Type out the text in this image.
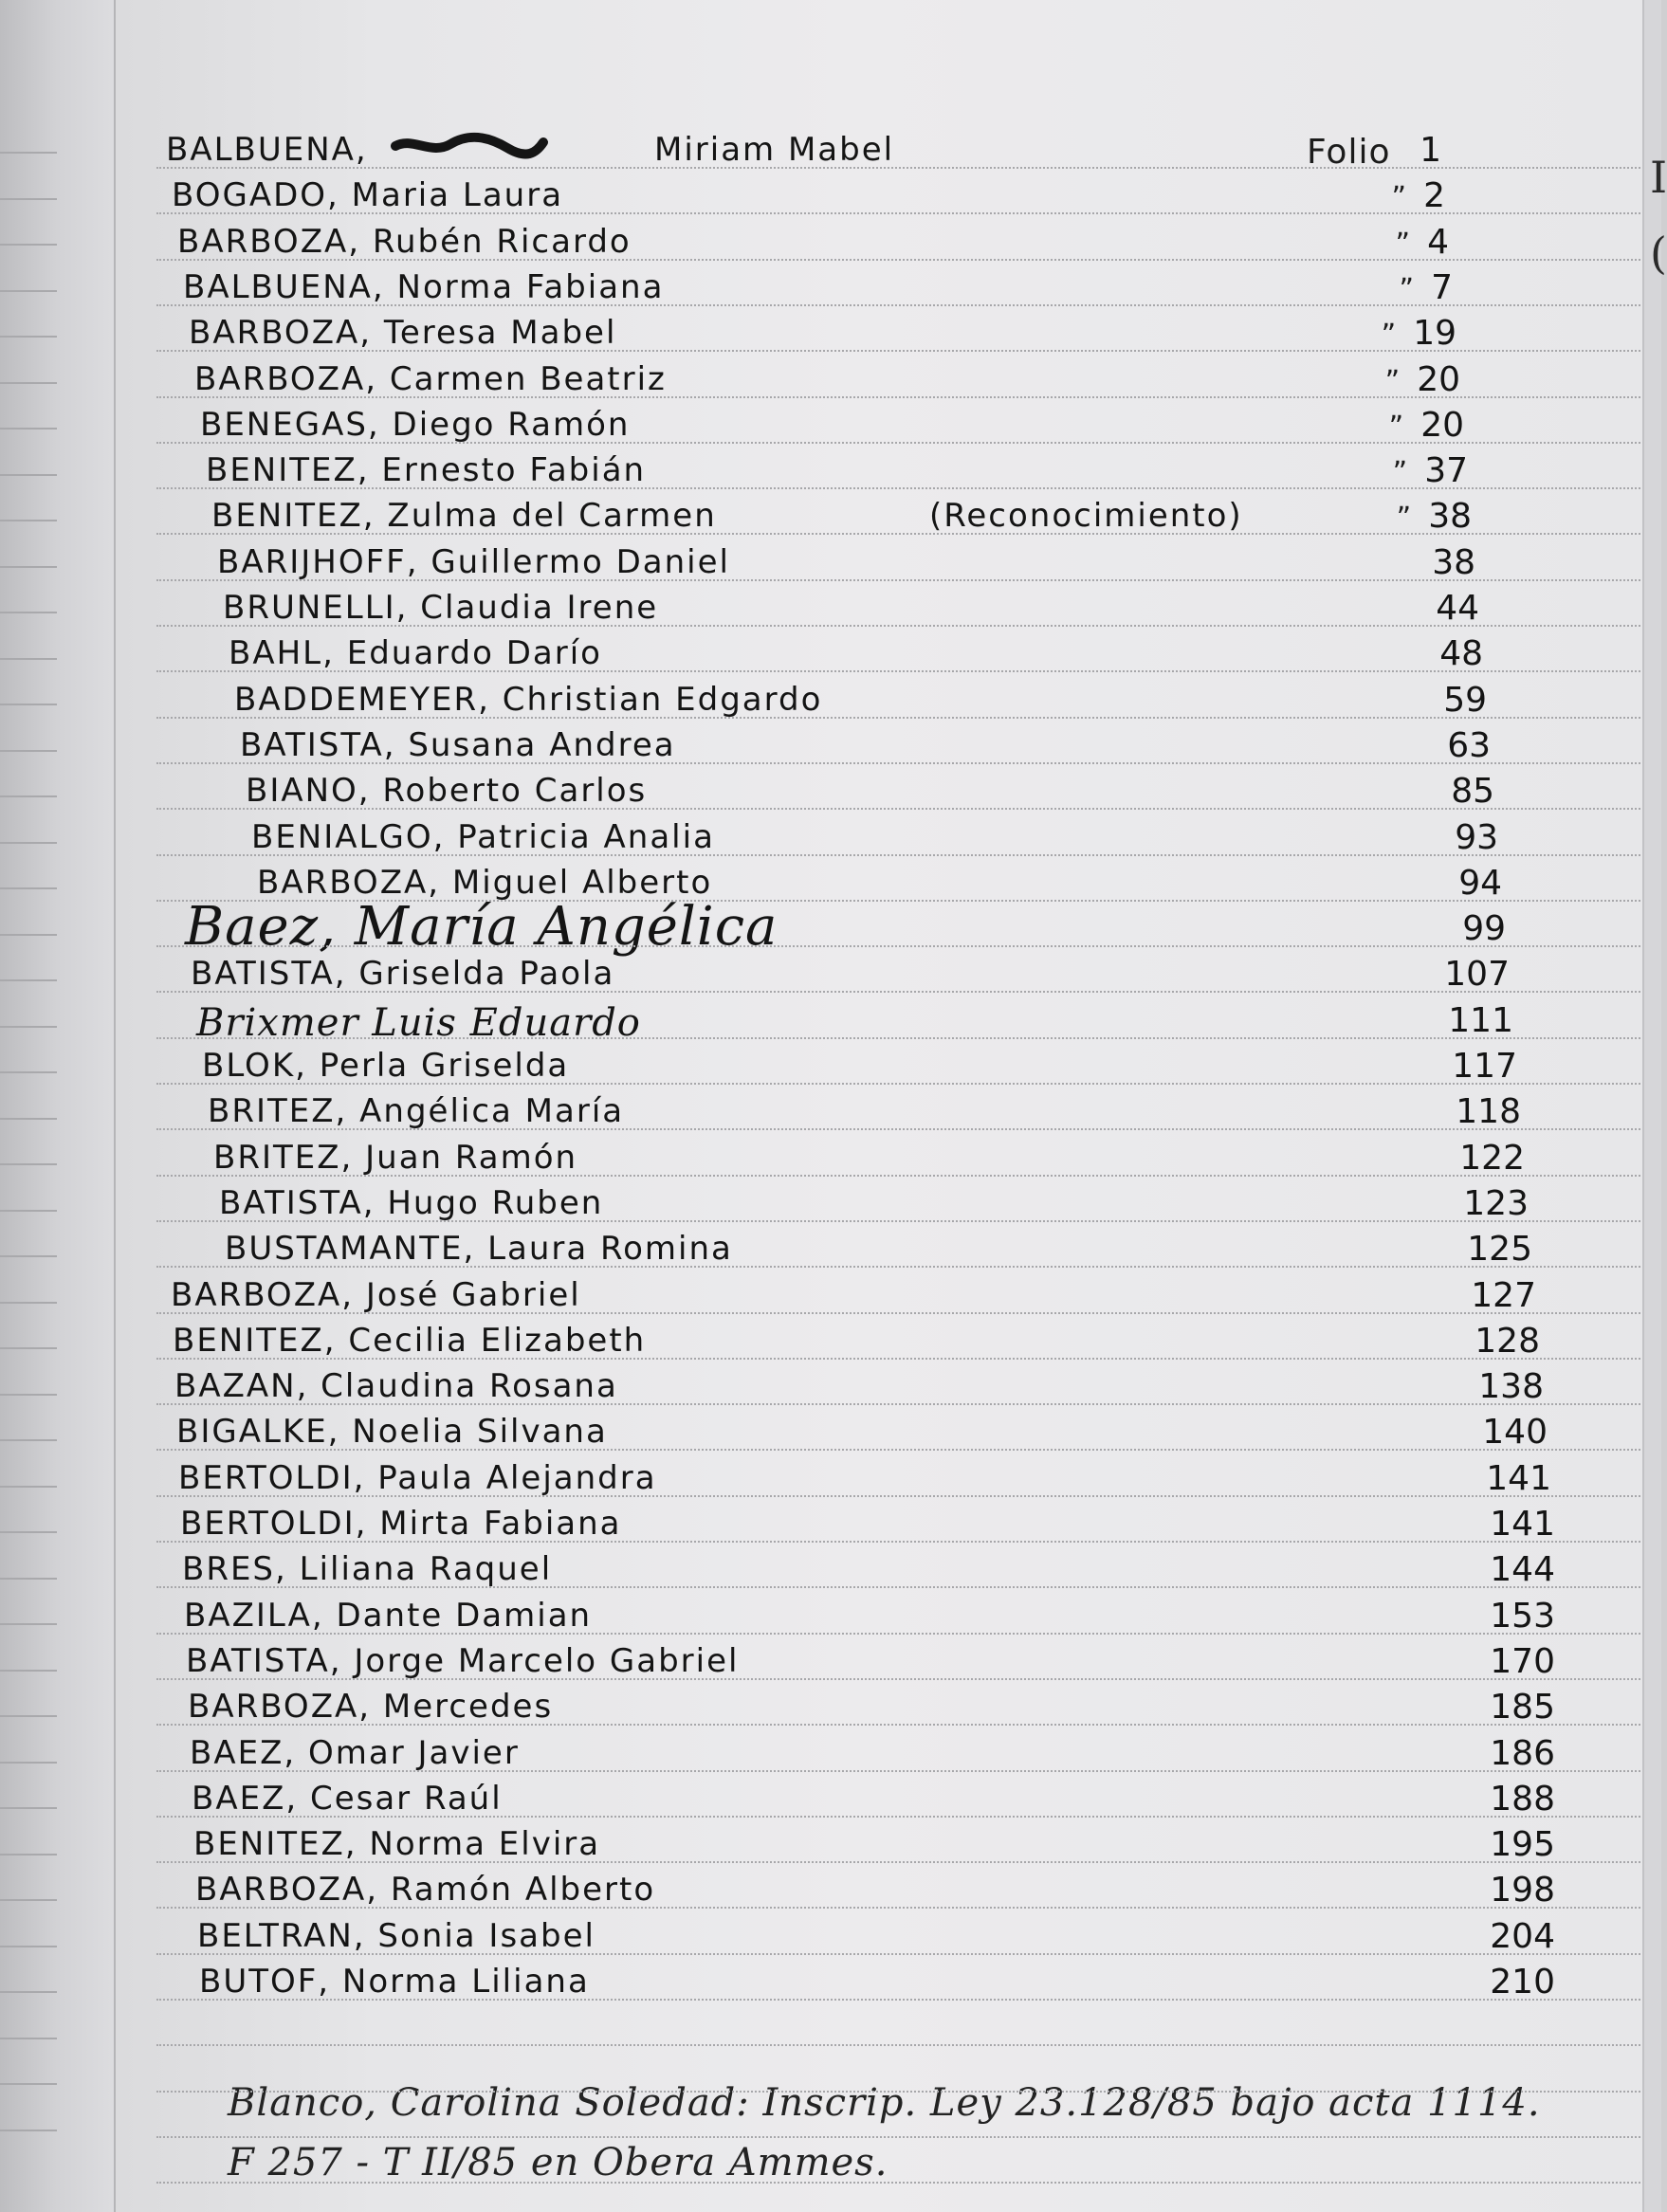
I
(
Folio
BALBUENA,	Miriam Mabel	1
BOGADO, Maria Laura	” 2
BARBOZA, Rubén Ricardo	” 4
BALBUENA, Norma Fabiana	” 7
BARBOZA, Teresa Mabel	” 19
BARBOZA, Carmen Beatriz	” 20
BENEGAS, Diego Ramón	” 20
BENITEZ, Ernesto Fabián	” 37
BENITEZ, Zulma del Carmen	(Reconocimiento)	” 38
BARIJHOFF, Guillermo Daniel	38
BRUNELLI, Claudia Irene	44
BAHL, Eduardo Darío	48
BADDEMEYER, Christian Edgardo	59
BATISTA, Susana Andrea	63
BIANO, Roberto Carlos	85
BENIALGO, Patricia Analia	93
BARBOZA, Miguel Alberto	94
Baez, María Angélica	99
BATISTA, Griselda Paola	107
Brixmer Luis Eduardo	111
BLOK, Perla Griselda	117
BRITEZ, Angélica María	118
BRITEZ, Juan Ramón	122
BATISTA, Hugo Ruben	123
BUSTAMANTE, Laura Romina	125
BARBOZA, José Gabriel	127
BENITEZ, Cecilia Elizabeth	128
BAZAN, Claudina Rosana	138
BIGALKE, Noelia Silvana	140
BERTOLDI, Paula Alejandra	141
BERTOLDI, Mirta Fabiana	141
BRES, Liliana Raquel	144
BAZILA, Dante Damian	153
BATISTA, Jorge Marcelo Gabriel	170
BARBOZA, Mercedes	185
BAEZ, Omar Javier	186
BAEZ, Cesar Raúl	188
BENITEZ, Norma Elvira	195
BARBOZA, Ramón Alberto	198
BELTRAN, Sonia Isabel	204
BUTOF, Norma Liliana	210
Blanco, Carolina Soledad: Inscrip. Ley 23.128/85 bajo acta 1114.
F 257 - T II/85 en Obera Ammes.
